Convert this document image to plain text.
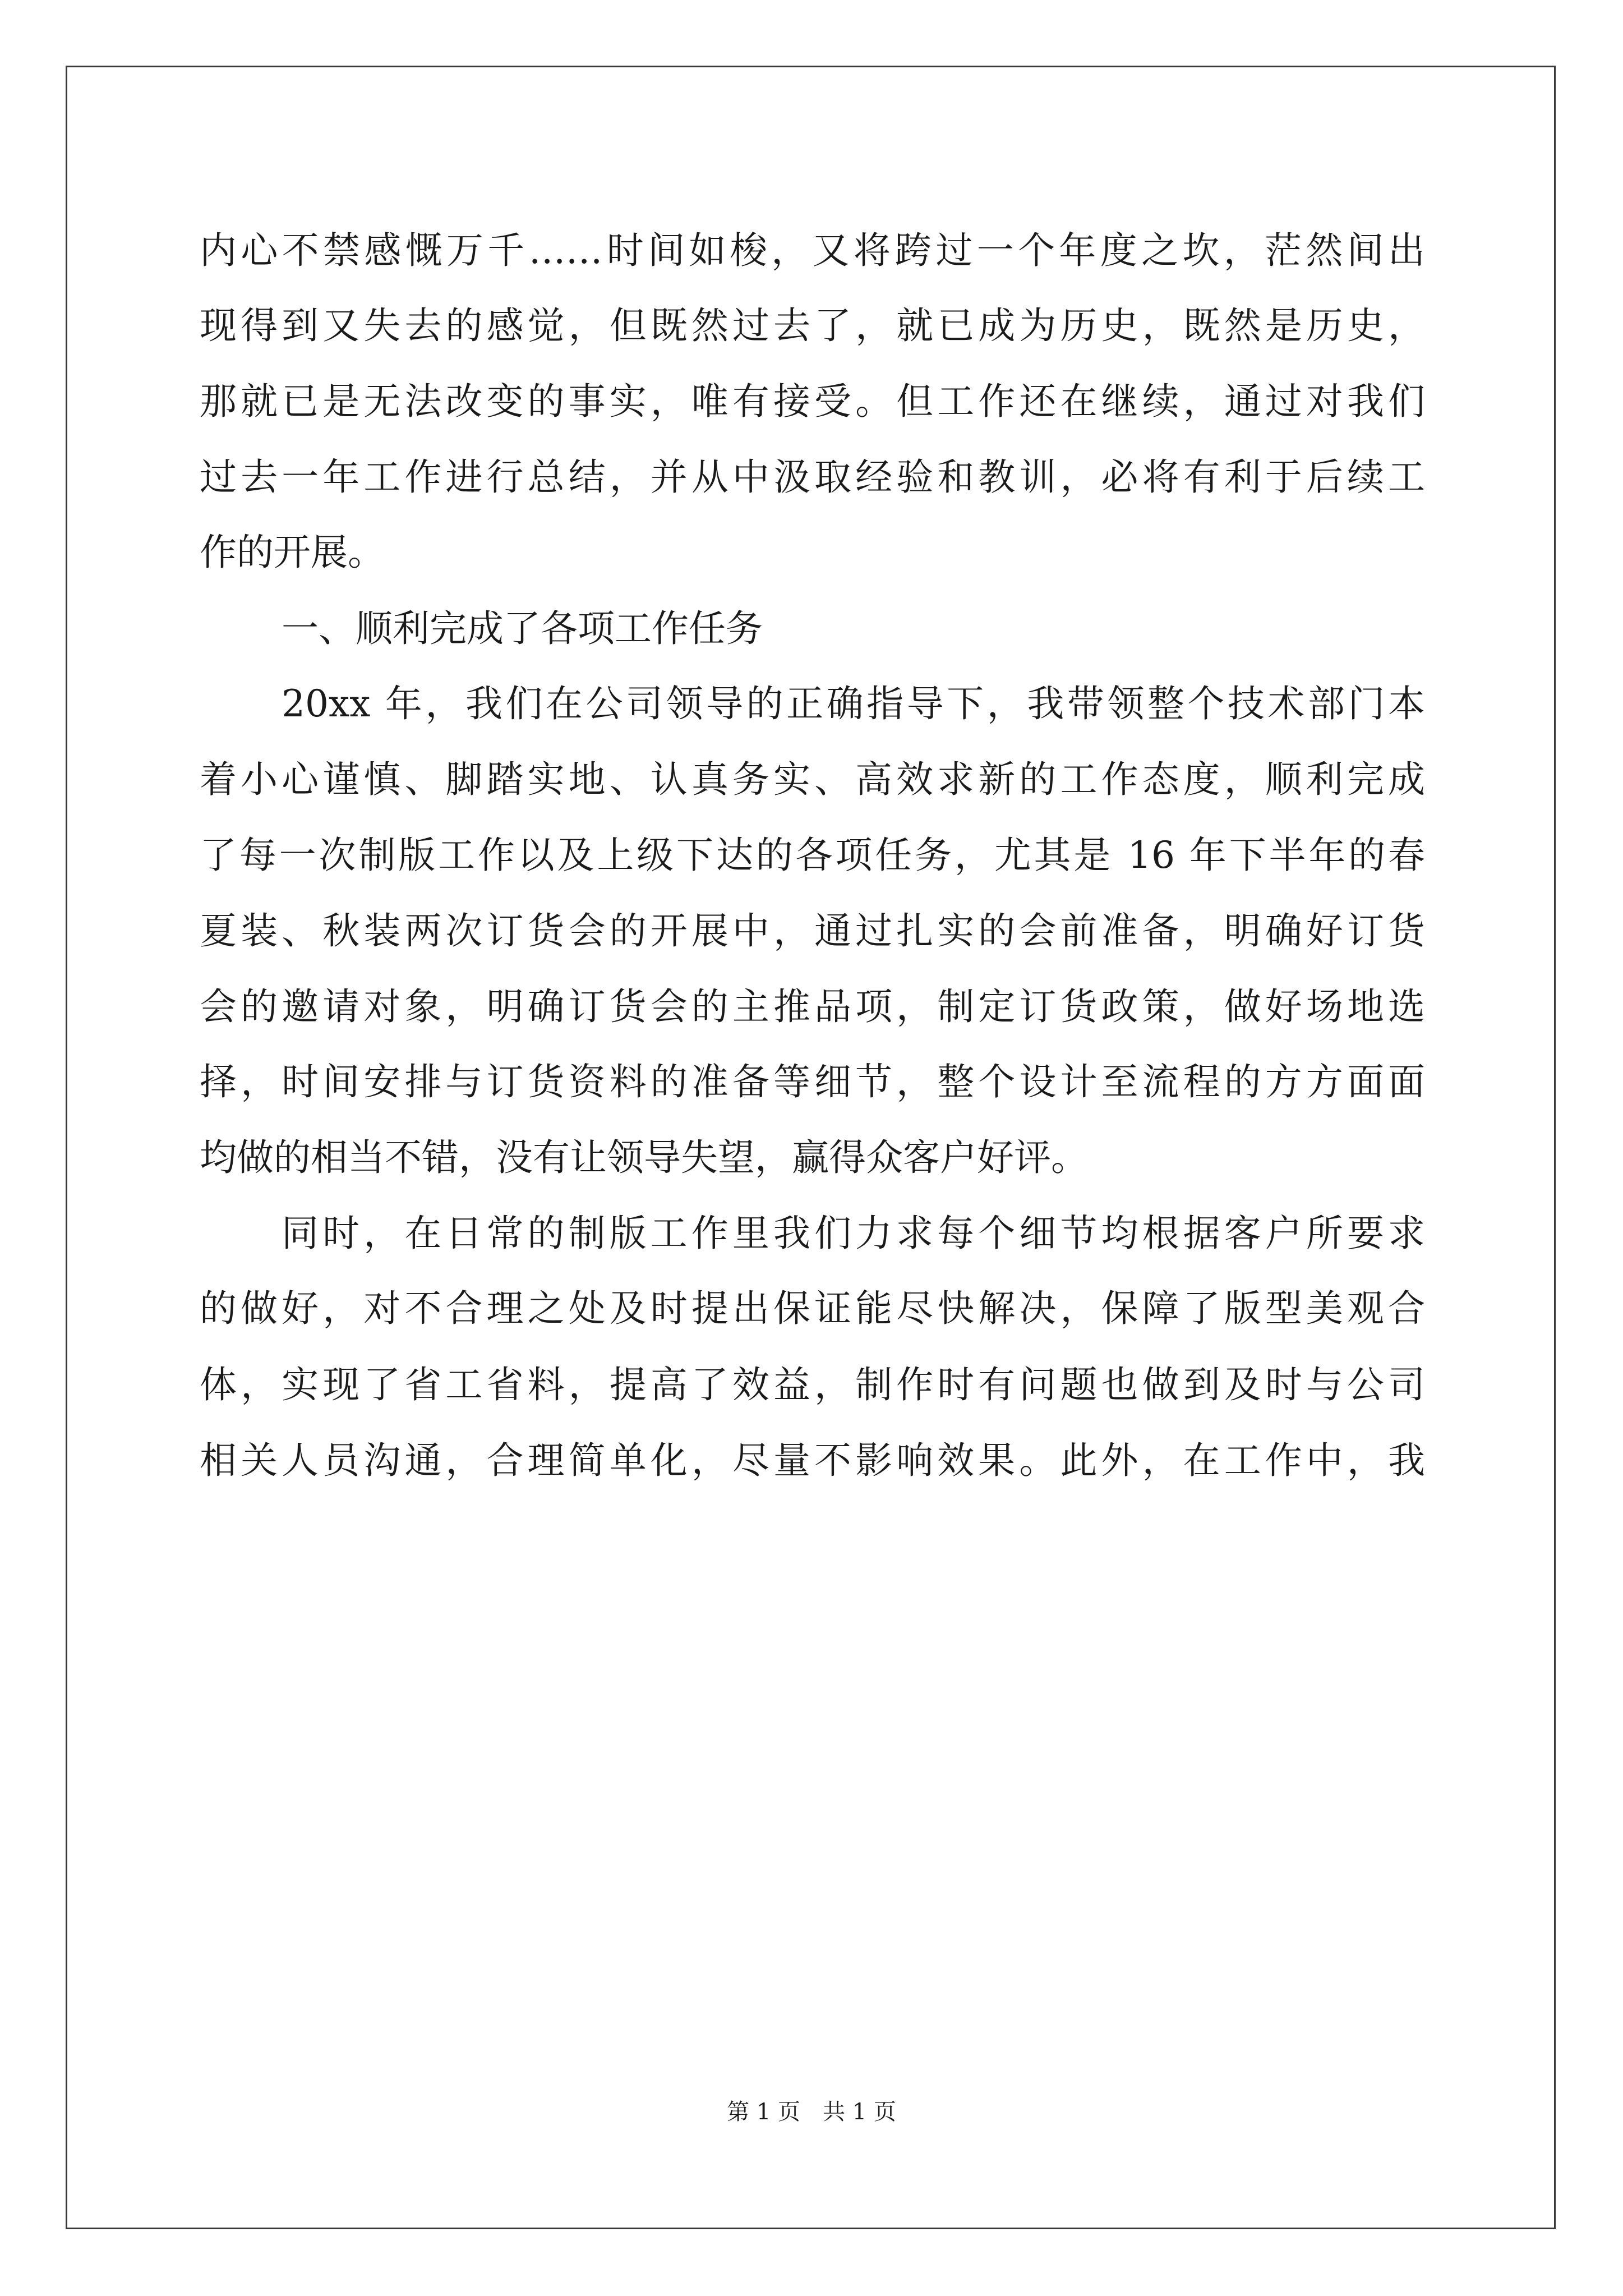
内心不禁感慨万千……时间如梭，又将跨过一个年度之坎，茫然间出
现得到又失去的感觉，但既然过去了，就已成为历史，既然是历史，
那就已是无法改变的事实，唯有接受。但工作还在继续，通过对我们
过去一年工作进行总结，并从中汲取经验和教训，必将有利于后续工
作的开展。
一、顺利完成了各项工作任务
20xx 年，我们在公司领导的正确指导下，我带领整个技术部门本
着小心谨慎、脚踏实地、认真务实、高效求新的工作态度，顺利完成
了每一次制版工作以及上级下达的各项任务，尤其是 16 年下半年的春
夏装、秋装两次订货会的开展中，通过扎实的会前准备，明确好订货
会的邀请对象，明确订货会的主推品项，制定订货政策，做好场地选
择，时间安排与订货资料的准备等细节，整个设计至流程的方方面面
均做的相当不错，没有让领导失望，赢得众客户好评。
同时，在日常的制版工作里我们力求每个细节均根据客户所要求
的做好，对不合理之处及时提出保证能尽快解决，保障了版型美观合
体，实现了省工省料，提高了效益，制作时有问题也做到及时与公司
相关人员沟通，合理简单化，尽量不影响效果。此外，在工作中，我
第 1 页　共 1 页
